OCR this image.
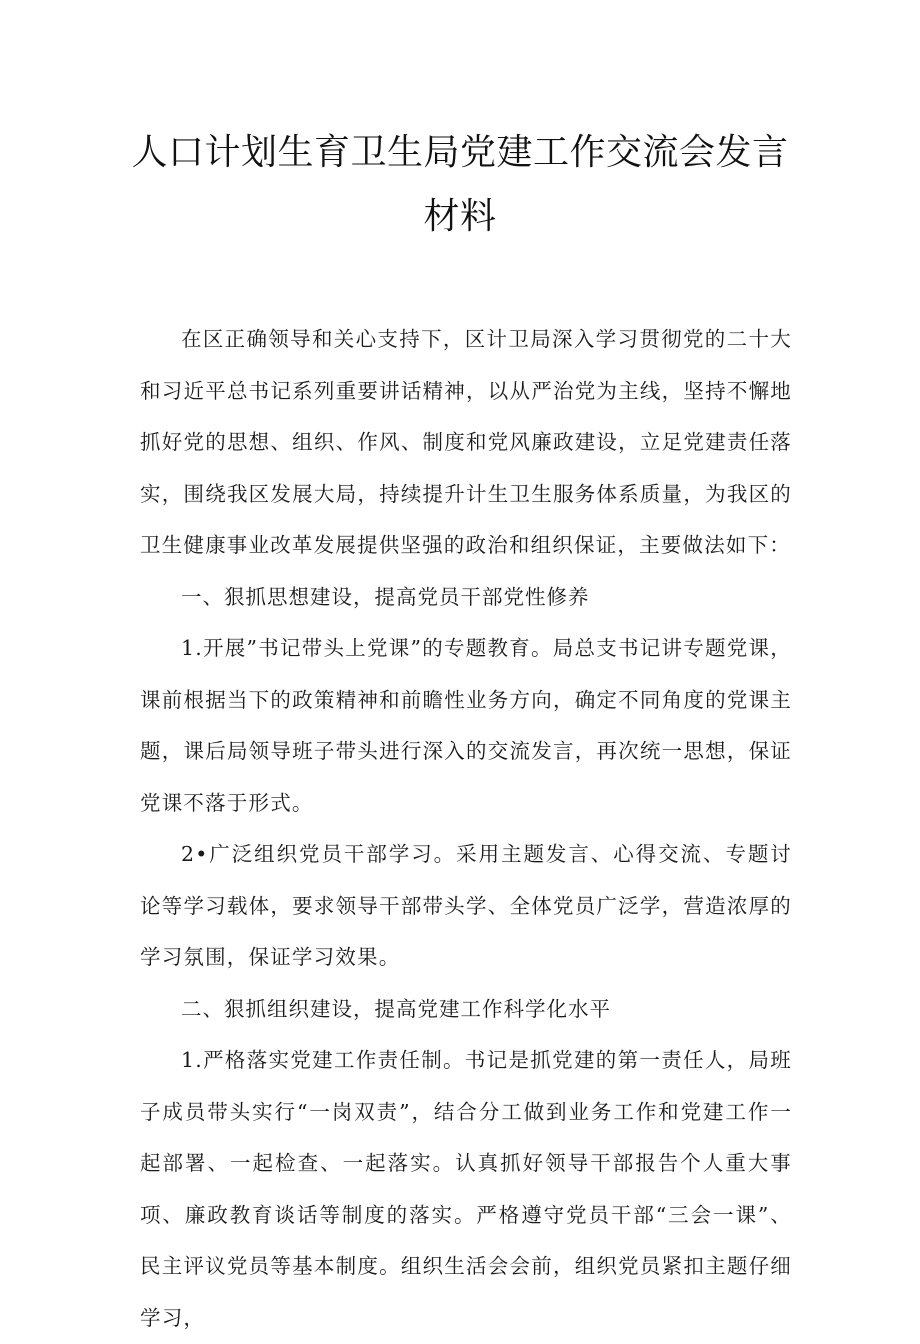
人口计划生育卫生局党建工作交流会发言
材料

在区正确领导和关心支持下，区计卫局深入学习贯彻党的二十大和习近平总书记系列重要讲话精神，以从严治党为主线，坚持不懈地抓好党的思想、组织、作风、制度和党风廉政建设，立足党建责任落实，围绕我区发展大局，持续提升计生卫生服务体系质量，为我区的卫生健康事业改革发展提供坚强的政治和组织保证，主要做法如下：

一、狠抓思想建设，提高党员干部党性修养

1.开展”书记带头上党课”的专题教育。局总支书记讲专题党课，课前根据当下的政策精神和前瞻性业务方向，确定不同角度的党课主题，课后局领导班子带头进行深入的交流发言，再次统一思想，保证党课不落于形式。

2•广泛组织党员干部学习。采用主题发言、心得交流、专题讨论等学习载体，要求领导干部带头学、全体党员广泛学，营造浓厚的学习氛围，保证学习效果。

二、狠抓组织建设，提高党建工作科学化水平

1.严格落实党建工作责任制。书记是抓党建的第一责任人，局班子成员带头实行“一岗双责”，结合分工做到业务工作和党建工作一起部署、一起检查、一起落实。认真抓好领导干部报告个人重大事项、廉政教育谈话等制度的落实。严格遵守党员干部“三会一课”、民主评议党员等基本制度。组织生活会会前，组织党员紧扣主题仔细学习，
